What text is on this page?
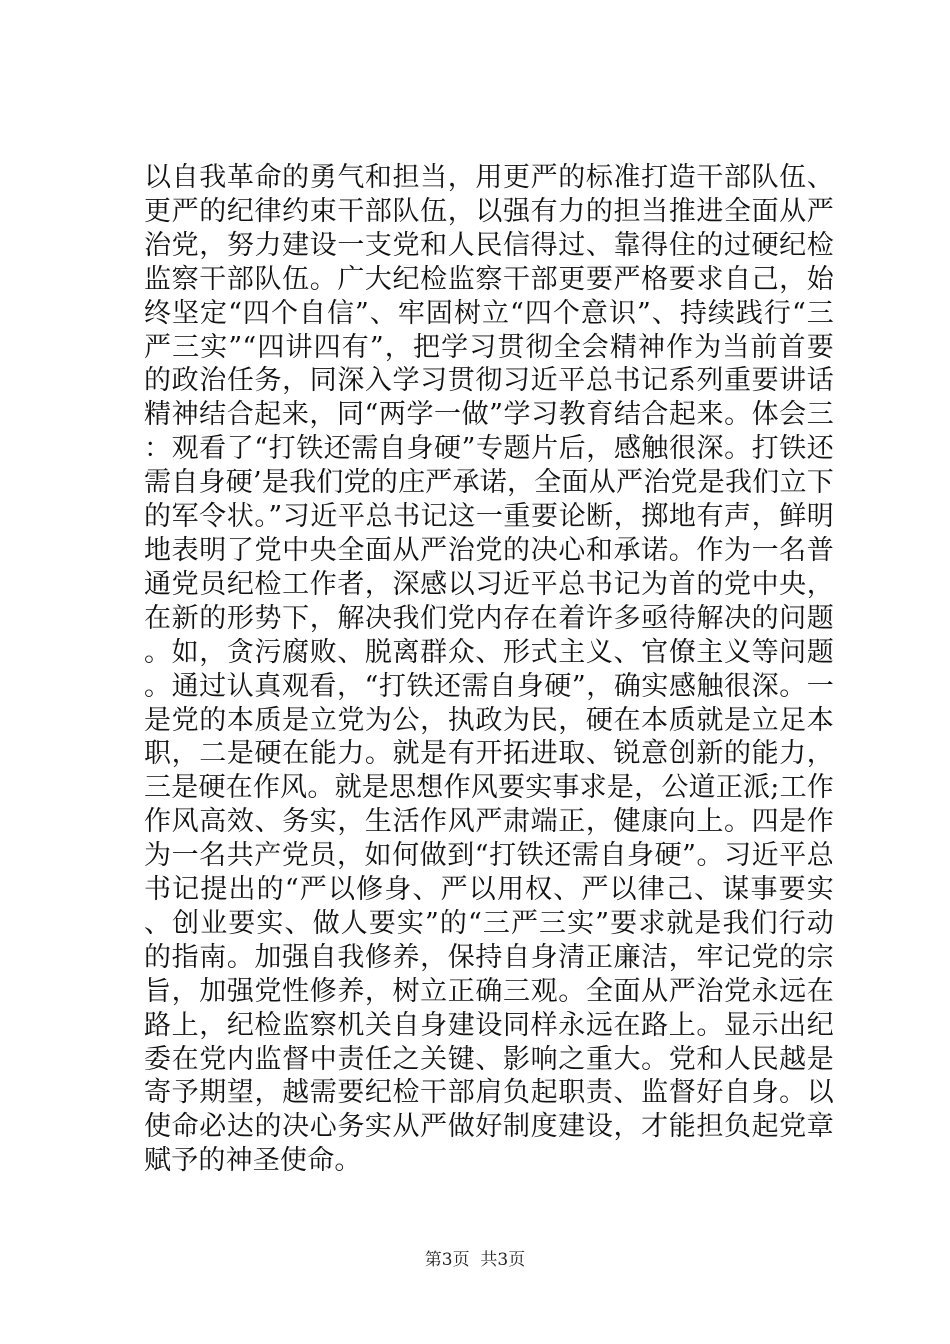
以自我革命的勇气和担当，用更严的标准打造干部队伍、更严的纪律约束干部队伍，以强有力的担当推进全面从严治党，努力建设一支党和人民信得过、靠得住的过硬纪检监察干部队伍。广大纪检监察干部更要严格要求自己，始终坚定“四个自信”、牢固树立“四个意识”、持续践行“三严三实”“四讲四有”，把学习贯彻全会精神作为当前首要的政治任务，同深入学习贯彻习近平总书记系列重要讲话精神结合起来，同“两学一做”学习教育结合起来。体会三：观看了“打铁还需自身硬”专题片后，感触很深。打铁还需自身硬’是我们党的庄严承诺，全面从严治党是我们立下的军令状。”习近平总书记这一重要论断，掷地有声，鲜明地表明了党中央全面从严治党的决心和承诺。作为一名普通党员纪检工作者，深感以习近平总书记为首的党中央，在新的形势下，解决我们党内存在着许多亟待解决的问题。如，贪污腐败、脱离群众、形式主义、官僚主义等问题。通过认真观看，“打铁还需自身硬”，确实感触很深。一是党的本质是立党为公，执政为民，硬在本质就是立足本职，二是硬在能力。就是有开拓进取、锐意创新的能力，三是硬在作风。就是思想作风要实事求是，公道正派;工作作风高效、务实，生活作风严肃端正，健康向上。四是作为一名共产党员，如何做到“打铁还需自身硬”。习近平总书记提出的“严以修身、严以用权、严以律己、谋事要实、创业要实、做人要实”的“三严三实”要求就是我们行动的指南。加强自我修养，保持自身清正廉洁，牢记党的宗旨，加强党性修养，树立正确三观。全面从严治党永远在路上，纪检监察机关自身建设同样永远在路上。显示出纪委在党内监督中责任之关键、影响之重大。党和人民越是寄予期望，越需要纪检干部肩负起职责、监督好自身。以使命必达的决心务实从严做好制度建设，才能担负起党章赋予的神圣使命。

第3页  共3页
